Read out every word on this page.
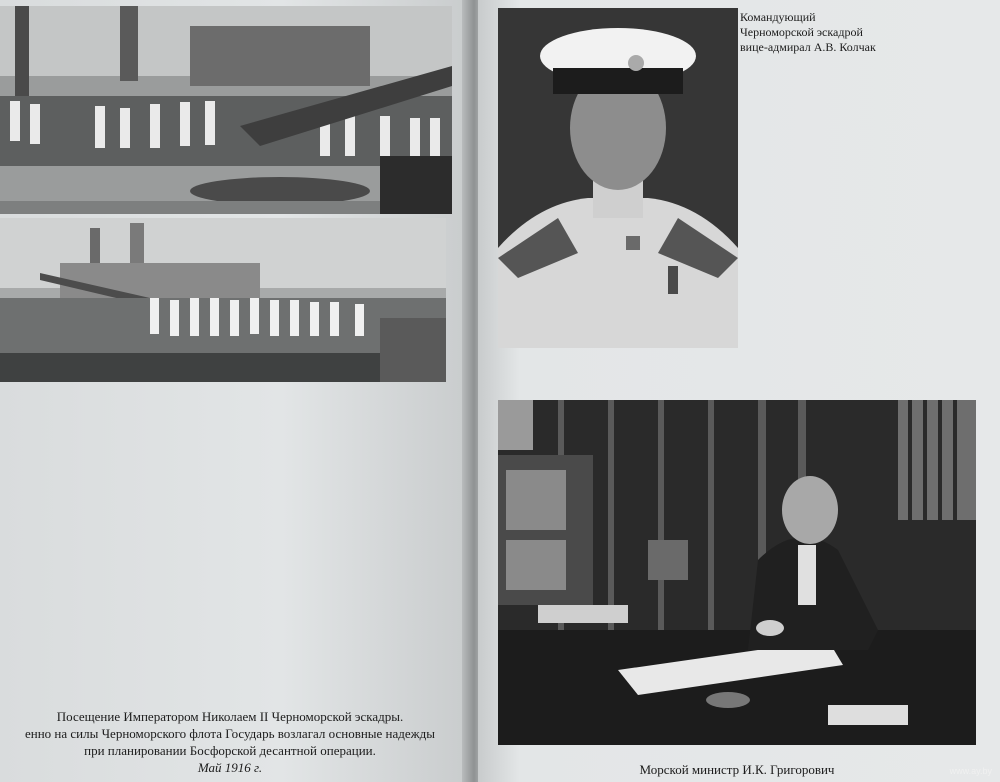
Посещение Императором Николаем II Черноморской эскадры.
енно на силы Черноморского флота Государь возлагал основные надежды
при планировании Босфорской десантной операции.
Май 1916 г.
Командующий
Черноморской эскадрой
вице-адмирал А.В. Колчак
Морской министр И.К. Григорович	www.ay.by
